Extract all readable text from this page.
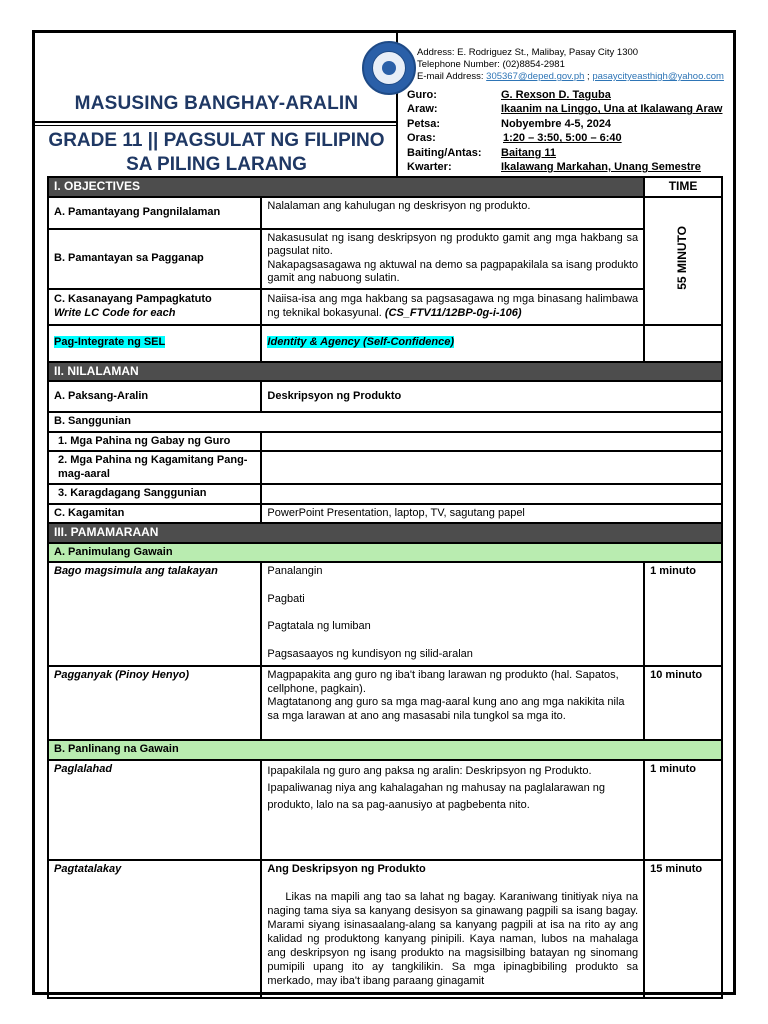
MASUSING BANGHAY-ARALIN
GRADE 11 || PAGSULAT NG FILIPINO
SA PILING LARANG
Address: E. Rodriguez St., Malibay, Pasay City 1300
Telephone Number: (02)8854-2981
E-mail Address: 305367@deped.gov.ph ; pasaycityeasthigh@yahoo.com
Guro:	G. Rexson D. Taguba
Araw:	Ikaanim na Linggo, Una at Ikalawang Araw
Petsa:	Nobyembre 4-5, 2024
Oras:	1:20 – 3:50, 5:00 – 6:40
Baiting/Antas:	Baitang 11
Kwarter:	Ikalawang Markahan, Unang Semestre
I. OBJECTIVES		TIME
A. Pamantayang Pangnilalaman	Nalalaman ang kahulugan ng deskrisyon ng produkto.	55 MINUTO
B. Pamantayan sa Pagganap	Nakasusulat ng isang deskripsyon ng produkto gamit ang mga hakbang sa pagsulat nito.
Nakapagsasagawa ng aktuwal na demo sa pagpapakilala sa isang produkto gamit ang nabuong sulatin.	

C. Kasanayang Pampagkatuto
Write LC Code for each	Naiisa-isa ang mga hakbang sa pagsasagawa ng mga binasang halimbawa ng teknikal bokasyunal. (CS_FTV11/12BP-0g-i-106)	
Pag-Integrate ng SEL	Identity & Agency (Self-Confidence)	
II. NILALAMAN		
A. Paksang-Aralin	Deskripsyon ng Produkto	
B. Sanggunian		
1. Mga Pahina ng Gabay ng Guro		
2. Mga Pahina ng Kagamitang Pang-mag-aaral		
3. Karagdagang Sanggunian		
C. Kagamitan	PowerPoint Presentation, laptop, TV, sagutang papel	
III. PAMAMARAAN		
A. Panimulang Gawain		
Bago magsimula ang talakayan	Panalangin

Pagbati

Pagtatala ng lumiban

Pagsasaayos ng kundisyon ng silid-aralan	1 minuto
Pagganyak (Pinoy Henyo)	Magpapakita ang guro ng iba't ibang larawan ng produkto (hal. Sapatos, cellphone, pagkain).
Magtatanong ang guro sa mga mag-aaral kung ano ang mga nakikita nila sa mga larawan at ano ang masasabi nila tungkol sa mga ito.	10 minuto
B. Panlinang na Gawain		
Paglalahad	Ipapakilala ng guro ang paksa ng aralin: Deskripsyon ng Produkto.
Ipapaliwanag niya ang kahalagahan ng mahusay na paglalarawan ng produkto, lalo na sa pag-aanusiyo at pagbebenta nito.	1 minuto
Pagtatalakay	Ang Deskripsyon ng Produkto
Likas na mapili ang tao sa lahat ng bagay. Karaniwang tinitiyak niya na naging tama siya sa kanyang desisyon sa ginawang pagpili sa isang bagay. Marami siyang isinasaalang-alang sa kanyang pagpili at isa na rito ay ang kalidad ng produktong kanyang pinipili. Kaya naman, lubos na mahalaga ang deskripsyon ng isang produkto na magsisilbing batayan ng sinomang pumipili upang ito ay tangkilikin. Sa mga ipinagbibiling produkto sa merkado, may iba't ibang paraang ginagamit	15 minuto
